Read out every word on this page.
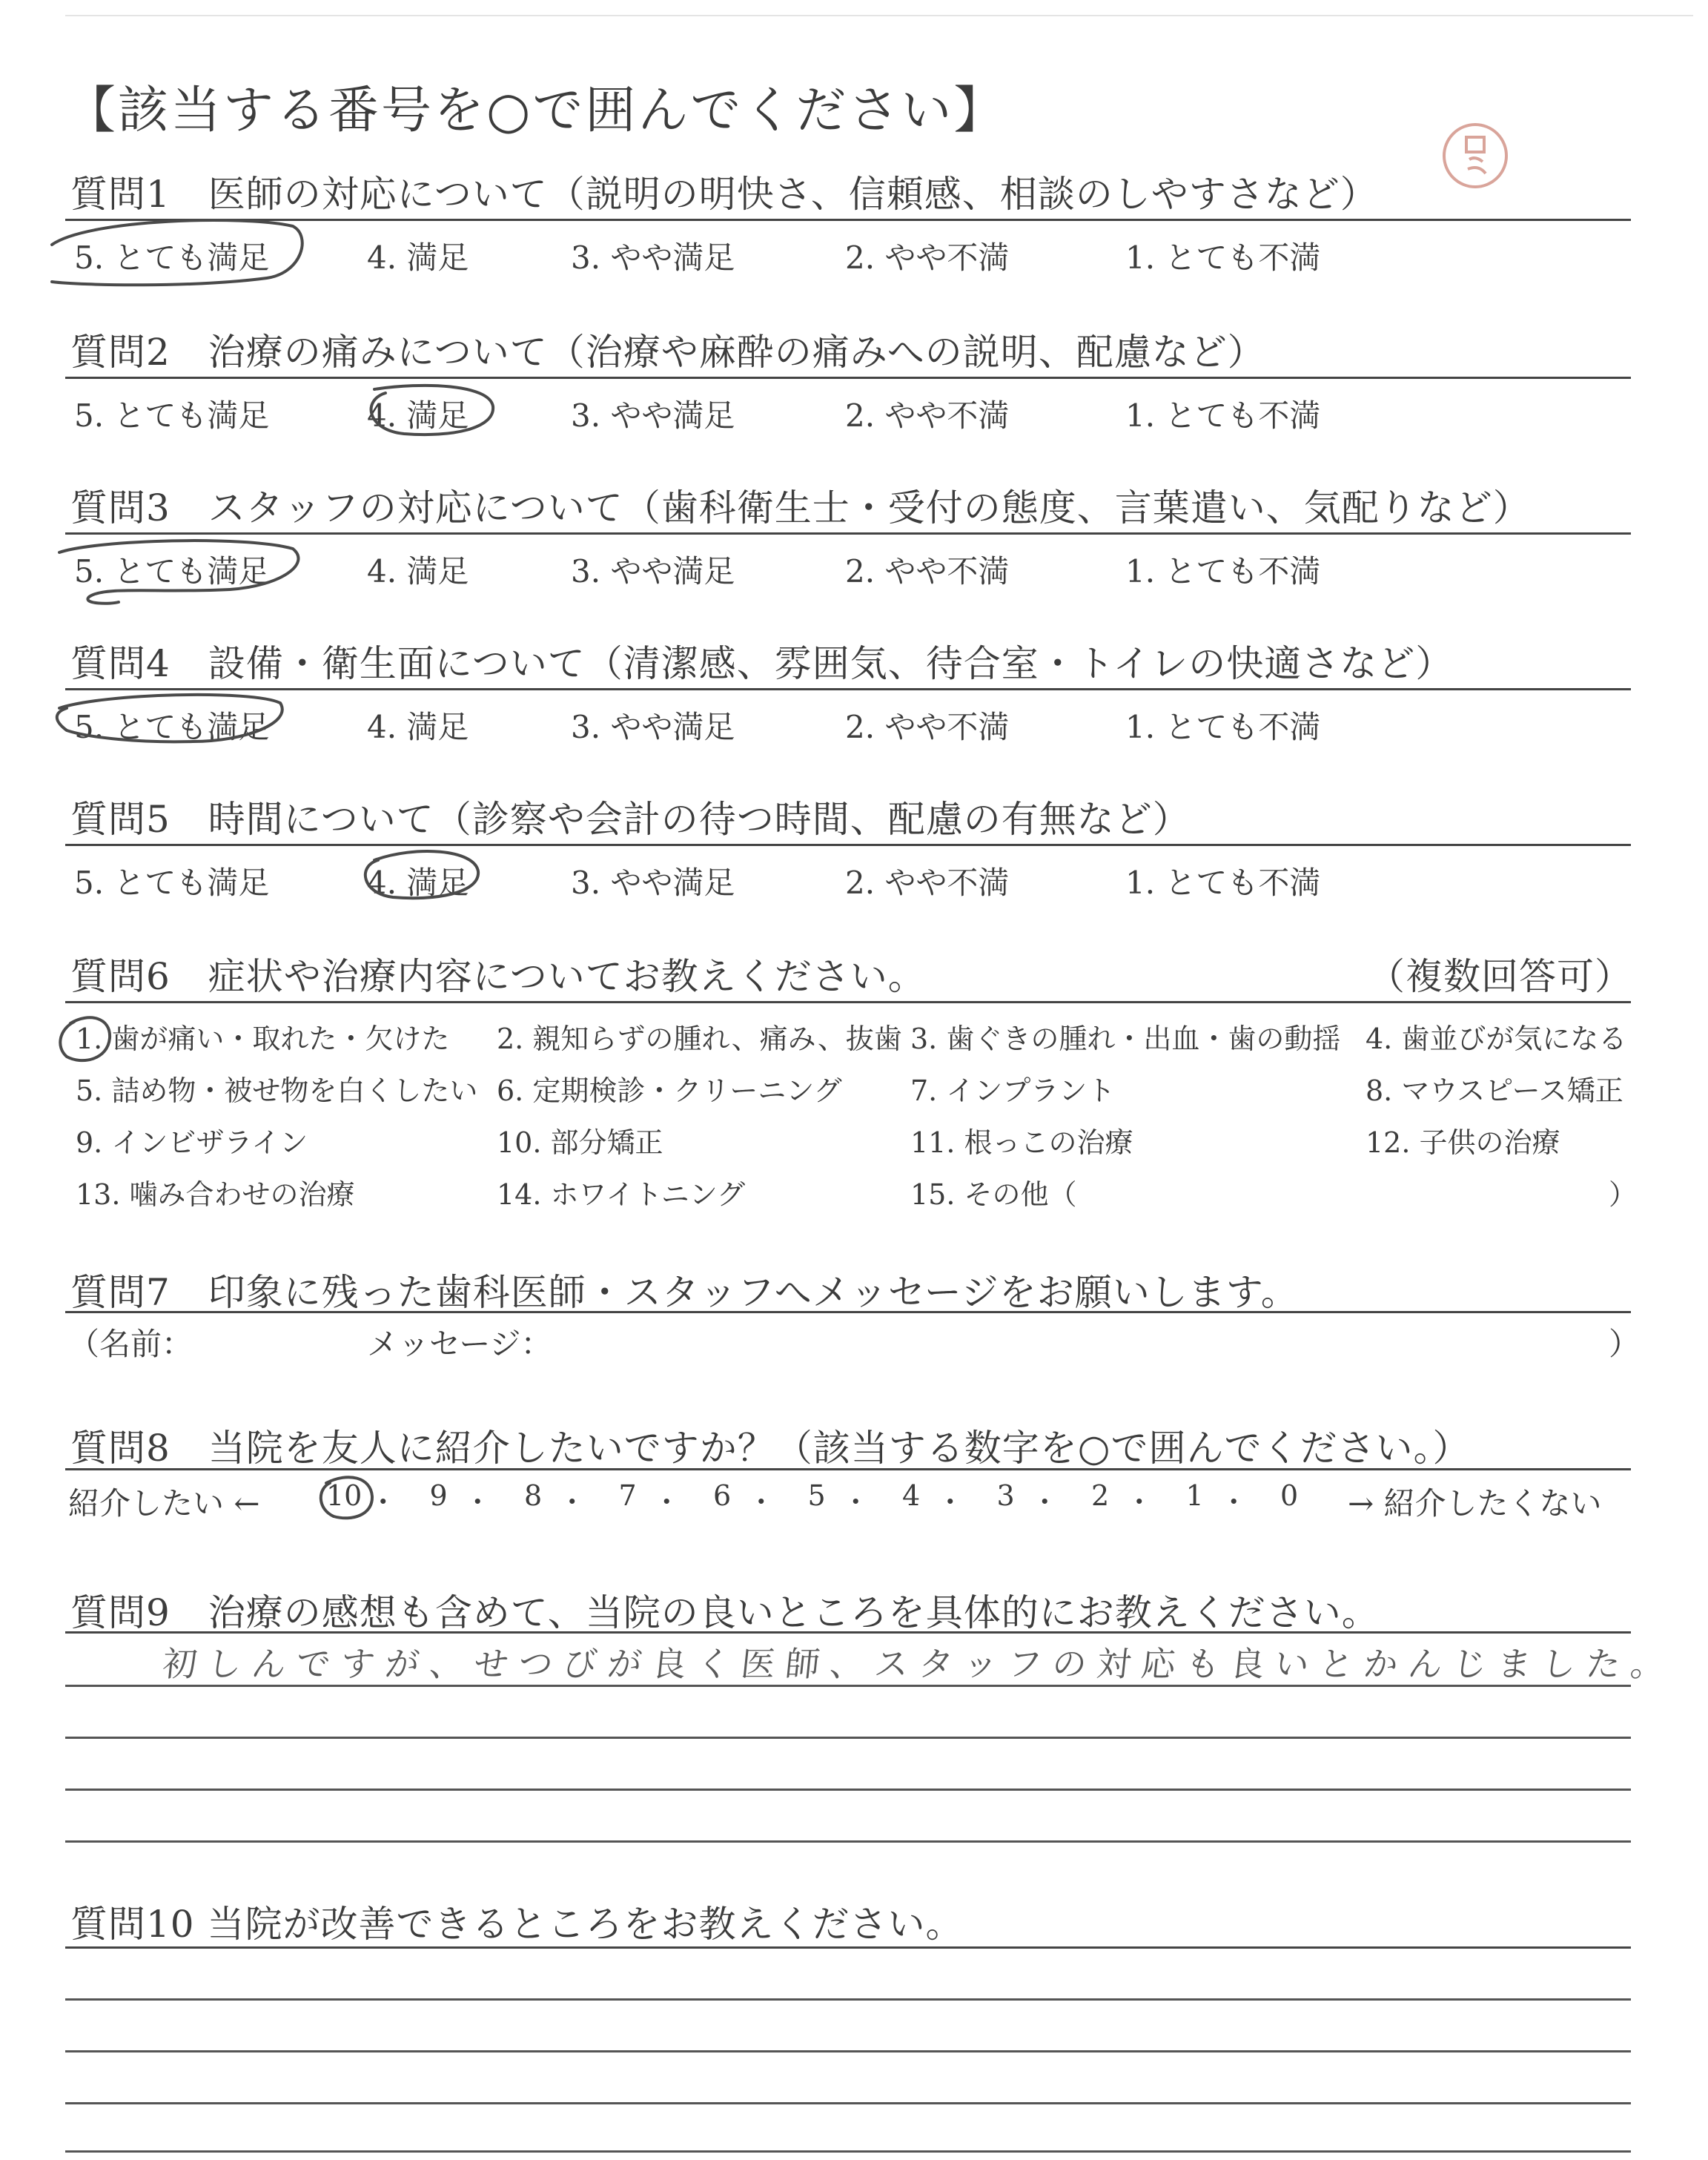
【該当する番号を○で囲んでください】
質問1　医師の対応について（説明の明快さ、信頼感、相談のしやすさなど）
5. とても満足	4. 満足	3. やや満足	2. やや不満	1. とても不満
質問2　治療の痛みについて（治療や麻酔の痛みへの説明、配慮など）
5. とても満足	4. 満足	3. やや満足	2. やや不満	1. とても不満
質問3　スタッフの対応について（歯科衛生士・受付の態度、言葉遣い、気配りなど）
5. とても満足	4. 満足	3. やや満足	2. やや不満	1. とても不満
質問4　設備・衛生面について（清潔感、雰囲気、待合室・トイレの快適さなど）
5. とても満足	4. 満足	3. やや満足	2. やや不満	1. とても不満
質問5　時間について（診察や会計の待つ時間、配慮の有無など）
5. とても満足	4. 満足	3. やや満足	2. やや不満	1. とても不満
質問6　症状や治療内容についてお教えください。	（複数回答可）
1. 歯が痛い・取れた・欠けた 2. 親知らずの腫れ、痛み、抜歯 3. 歯ぐきの腫れ・出血・歯の動揺 4. 歯並びが気になる
5. 詰め物・被せ物を白くしたい 6. 定期検診・クリーニング 7. インプラント	8. マウスピース矯正
9. インビザライン	10. 部分矯正	11. 根っこの治療	12. 子供の治療
13. 噛み合わせの治療	14. ホワイトニング	15. その他（	）
質問7　印象に残った歯科医師・スタッフへメッセージをお願いします。
（名前：	メッセージ：	）
質問8　当院を友人に紹介したいですか？（該当する数字を○で囲んでください。）
紹介したい ← 10 ・ 9 ・ 8 ・ 7 ・ 6 ・ 5 ・ 4 ・ 3 ・ 2 ・ 1 ・ 0 → 紹介したくない
質問9　治療の感想も含めて、当院の良いところを具体的にお教えください。
初しんですが、せつびが良く医師、スタッフの対応も良いとかんじました。
質問10 当院が改善できるところをお教えください。
